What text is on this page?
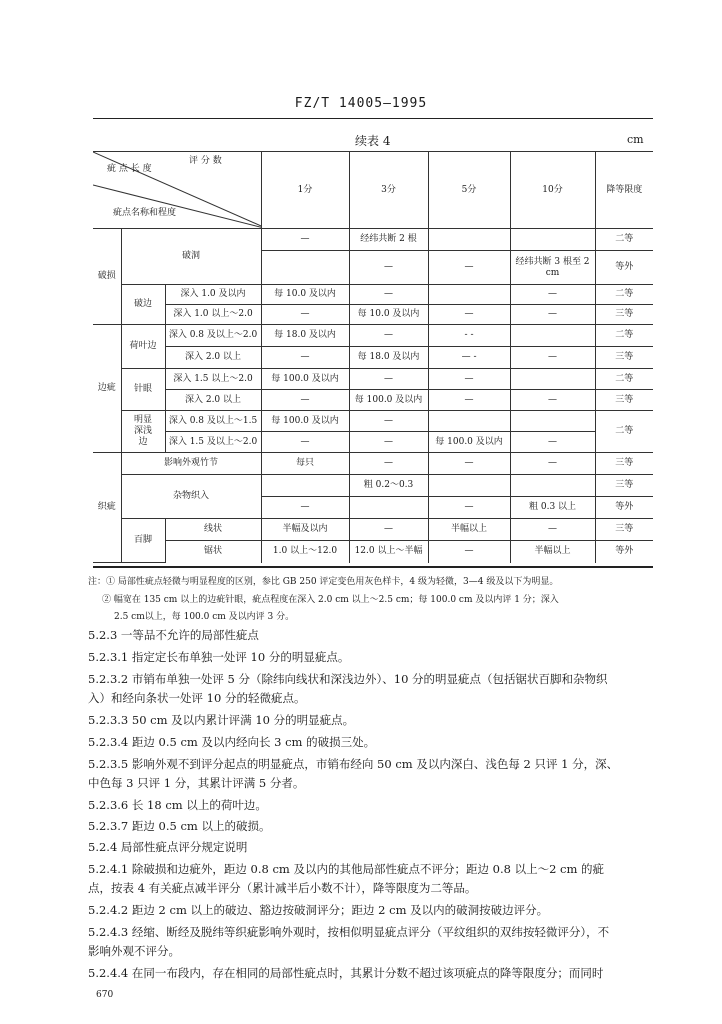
FZ/T 14005—1995
续表 4	cm
评 分 数
疵 点 长 度
疵点名称和程度			1分	3分	5分	10分	降等限度
破损	破洞		—	经纬共断 2 根			二等
				—	—	经纬共断 3 根至 2 cm	等外
	破边	深入 1.0 及以内	每 10.0 及以内	—		—	二等
		深入 1.0 以上～2.0	—	每 10.0 及以内	—	—	三等
边疵	荷叶边	深入 0.8 及以上～2.0	每 18.0 及以内	—	- -		二等
		深入 2.0 以上	—	每 18.0 及以内	— -	—	三等
	针眼	深入 1.5 以上～2.0	每 100.0 及以内	—	—		二等
		深入 2.0 以上	—	每 100.0 及以内	—	—	三等
	明显深浅边	深入 0.8 及以上～1.5	每 100.0 及以内	—			二等
		深入 1.5 及以上～2.0	—	—	每 100.0 及以内	—	
织疵	影响外观竹节		每只	—	—	—	三等
	杂物织入			粗 0.2～0.3			三等
			—		—	粗 0.3 以上	等外
	百脚	线状	半幅及以内	—	半幅以上	—	三等
		锯状	1.0 以上～12.0	12.0 以上～半幅	—	半幅以上	等外
注：① 局部性疵点轻微与明显程度的区别，参比 GB 250 评定变色用灰色样卡，4 级为轻微，3—4 级及以下为明显。
② 幅宽在 135 cm 以上的边疵针眼，疵点程度在深入 2.0 cm 以上～2.5 cm；每 100.0 cm 及以内评 1 分；深入
2.5 cm以上，每 100.0 cm 及以内评 3 分。
5.2.3 一等品不允许的局部性疵点
5.2.3.1 指定定长布单独一处评 10 分的明显疵点。
5.2.3.2 市销布单独一处评 5 分（除纬向线状和深浅边外）、10 分的明显疵点（包括锯状百脚和杂物织
入）和经向条状一处评 10 分的轻微疵点。
5.2.3.3 50 cm 及以内累计评满 10 分的明显疵点。
5.2.3.4 距边 0.5 cm 及以内经向长 3 cm 的破损三处。
5.2.3.5 影响外观不到评分起点的明显疵点，市销布经向 50 cm 及以内深白、浅色每 2 只评 1 分，深、
中色每 3 只评 1 分，其累计评满 5 分者。
5.2.3.6 长 18 cm 以上的荷叶边。
5.2.3.7 距边 0.5 cm 以上的破损。
5.2.4 局部性疵点评分规定说明
5.2.4.1 除破损和边疵外，距边 0.8 cm 及以内的其他局部性疵点不评分；距边 0.8 以上～2 cm 的疵
点，按表 4 有关疵点减半评分（累计减半后小数不计），降等限度为二等品。
5.2.4.2 距边 2 cm 以上的破边、豁边按破洞评分；距边 2 cm 及以内的破洞按破边评分。
5.2.4.3 经缩、断经及脱纬等织疵影响外观时，按相似明显疵点评分（平纹组织的双纬按轻微评分），不
影响外观不评分。
5.2.4.4 在同一布段内，存在相同的局部性疵点时，其累计分数不超过该项疵点的降等限度分；而同时
670
